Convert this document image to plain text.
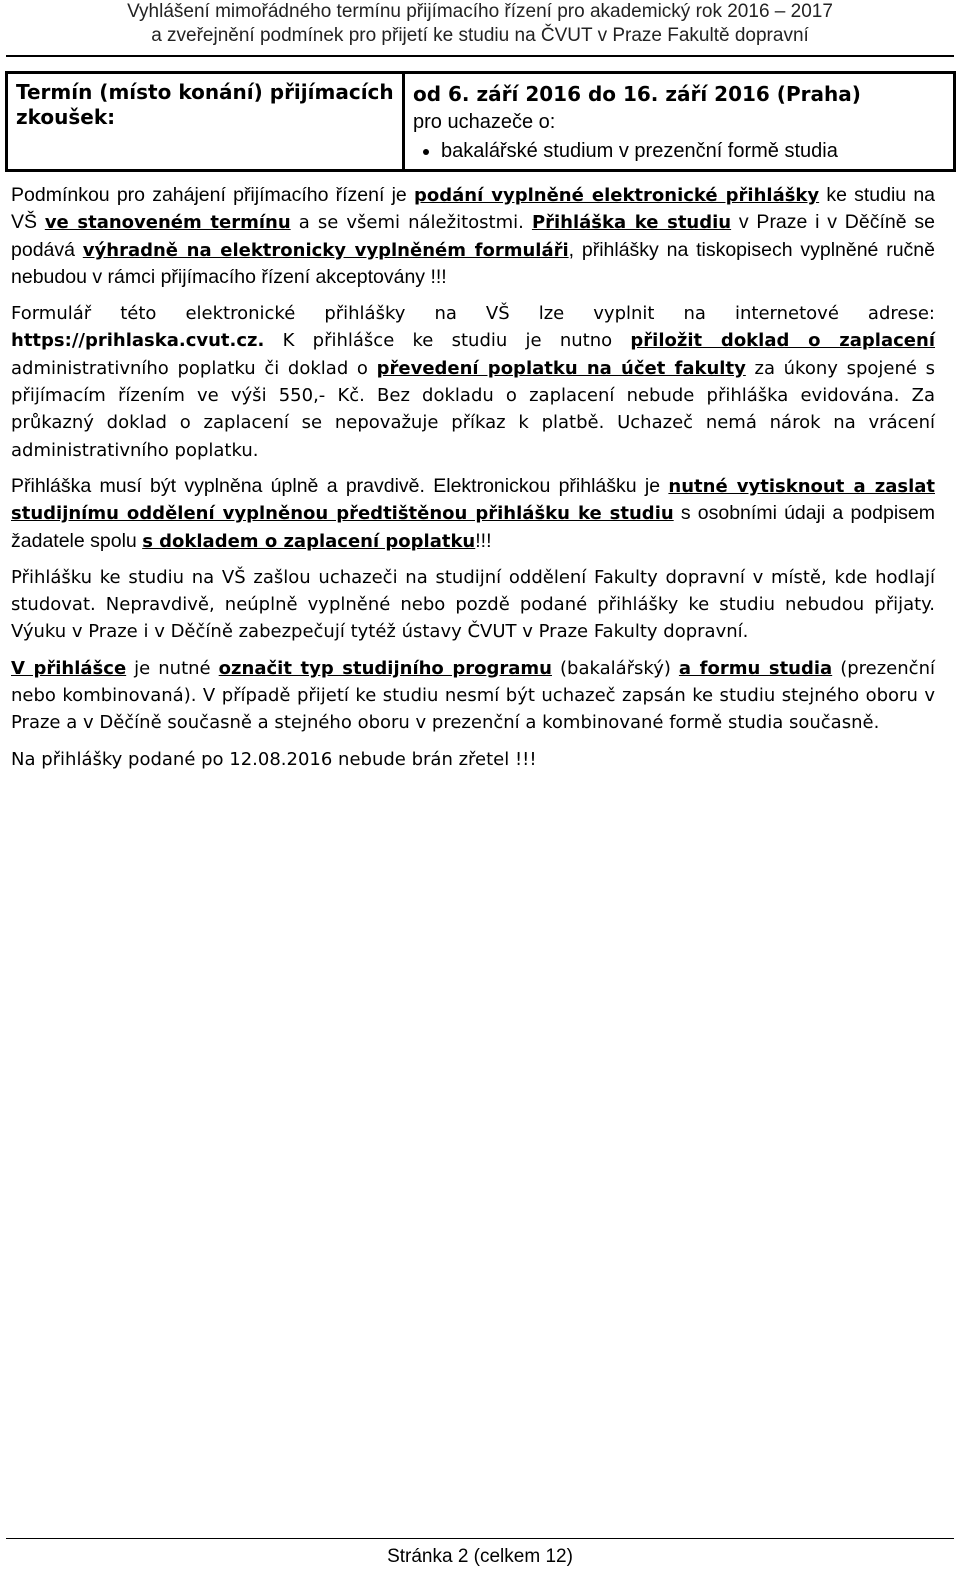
Vyhlášení mimořádného termínu přijímacího řízení pro akademický rok 2016 – 2017
a zveřejnění podmínek pro přijetí ke studiu na ČVUT v Praze Fakultě dopravní
Termín (místo konání) přijímacích zkoušek:	
od 6. září 2016 do 16. září 2016 (Praha)
pro uchazeče o:
• bakalářské studium v prezenční formě studia

Podmínkou pro zahájení přijímacího řízení je podání vyplněné elektronické přihlášky ke studiu na VŠ ve stanoveném termínu a se všemi náležitostmi. Přihláška ke studiu v Praze i v Děčíně se podává výhradně na elektronicky vyplněném formuláři, přihlášky na tiskopisech vyplněné ručně nebudou v rámci přijímacího řízení akceptovány !!!

Formulář této elektronické přihlášky na VŠ lze vyplnit na internetové adrese: https://prihlaska.cvut.cz. K přihlášce ke studiu je nutno přiložit doklad o zaplacení administrativního poplatku či doklad o převedení poplatku na účet fakulty za úkony spojené s přijímacím řízením ve výši 550,- Kč. Bez dokladu o zaplacení nebude přihláška evidována. Za průkazný doklad o zaplacení se nepovažuje příkaz k platbě. Uchazeč nemá nárok na vrácení administrativního poplatku.

Přihláška musí být vyplněna úplně a pravdivě. Elektronickou přihlášku je nutné vytisknout a zaslat studijnímu oddělení vyplněnou předtištěnou přihlášku ke studiu s osobními údaji a podpisem žadatele spolu s dokladem o zaplacení poplatku!!!

Přihlášku ke studiu na VŠ zašlou uchazeči na studijní oddělení Fakulty dopravní v místě, kde hodlají studovat. Nepravdivě, neúplně vyplněné nebo pozdě podané přihlášky ke studiu nebudou přijaty. Výuku v Praze i v Děčíně zabezpečují tytéž ústavy ČVUT v Praze Fakulty dopravní.

V přihlášce je nutné označit typ studijního programu (bakalářský) a formu studia (prezenční nebo kombinovaná). V případě přijetí ke studiu nesmí být uchazeč zapsán ke studiu stejného oboru v Praze a v Děčíně současně a stejného oboru v prezenční a kombinované formě studia současně.

Na přihlášky podané po 12.08.2016 nebude brán zřetel !!!

Stránka 2 (celkem 12)
